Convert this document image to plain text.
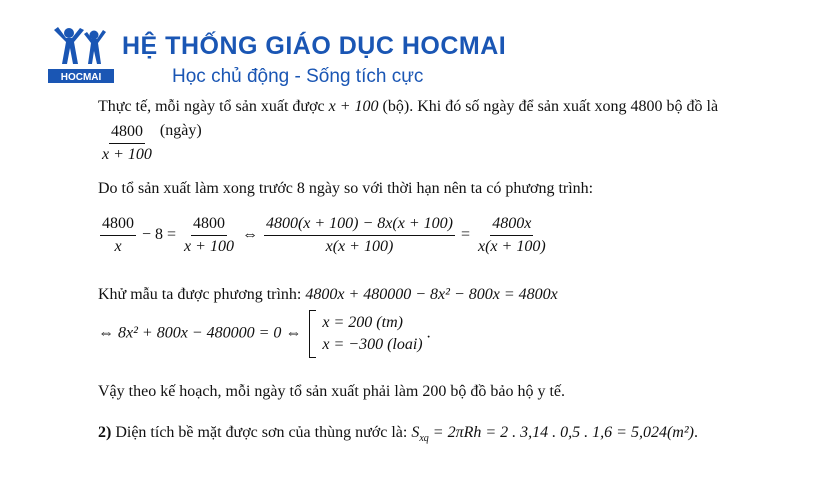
HOCMAI
HỆ THỐNG GIÁO DỤC HOCMAI
Học chủ động - Sống tích cực
Thực tế, mỗi ngày tổ sản xuất được x + 100 (bộ). Khi đó số ngày để sản xuất xong 4800 bộ đồ là
$\frac{4800}{x + 100}$ (ngày)
Do tổ sản xuất làm xong trước 8 ngày so với thời hạn nên ta có phương trình:
$\frac{4800}{x} - 8 = \frac{4800}{x + 100}$ ⇔ $\frac{4800(x + 100) - 8x(x + 100)}{x(x + 100)} = \frac{4800x}{x(x + 100)}$
Khử mẫu ta được phương trình: 4800x + 480000 − 8x² − 800x = 4800x
⇔ 8x² + 800x − 480000 = 0 ⇔
x = 200 (tm)
x = −300 (loai)
.
Vậy theo kế hoạch, mỗi ngày tổ sản xuất phải làm 200 bộ đồ bảo hộ y tế.
2) Diện tích bề mặt được sơn của thùng nước là: $S_{xq} = 2\pi Rh = 2$ . 3,14 . 0,5 . 1,6 = 5,024(m²).
